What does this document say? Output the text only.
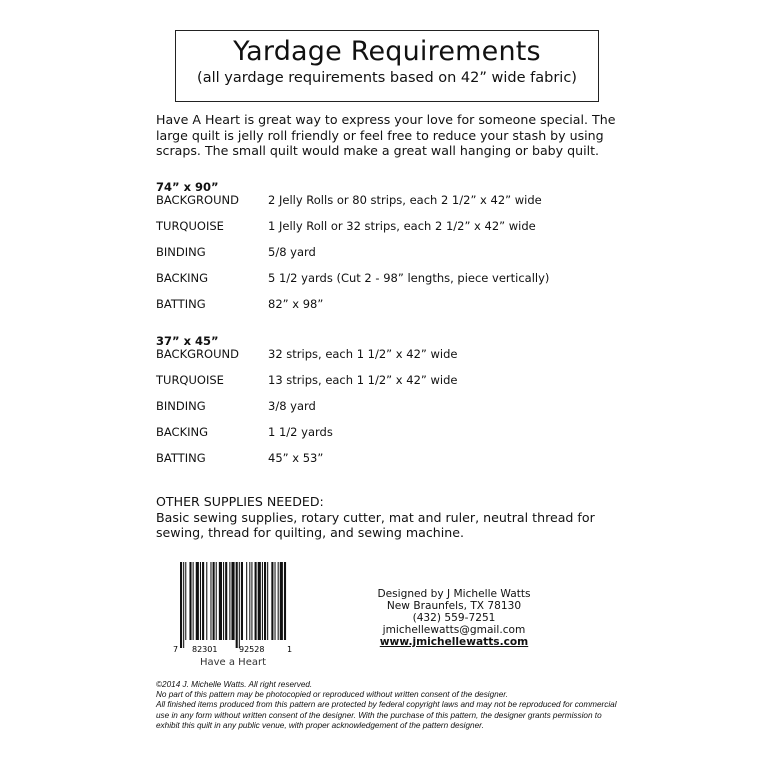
Yardage Requirements
(all yardage requirements based on 42” wide fabric)
Have A Heart is great way to express your love for someone special. The large quilt is jelly roll friendly or feel free to reduce your stash by using scraps. The small quilt would make a great wall hanging or baby quilt.
74” x 90”
BACKGROUND	2 Jelly Rolls or 80 strips, each 2 1/2” x 42” wide
TURQUOISE	1 Jelly Roll or 32 strips, each 2 1/2” x 42” wide
BINDING	5/8 yard
BACKING	5 1/2 yards (Cut 2 - 98” lengths, piece vertically)
BATTING	82” x 98”
37” x 45”
BACKGROUND	32 strips, each 1 1/2” x 42” wide
TURQUOISE	13 strips, each 1 1/2” x 42” wide
BINDING	3/8 yard
BACKING	1 1/2 yards
BATTING	45” x 53”
OTHER SUPPLIES NEEDED:
Basic sewing supplies, rotary cutter, mat and ruler, neutral thread for sewing, thread for quilting, and sewing machine.
7 82301	92528	1
Have a Heart
Designed by J Michelle Watts
New Braunfels, TX 78130
(432) 559-7251
jmichellewatts@gmail.com
www.jmichellewatts.com
©2014 J. Michelle Watts. All right reserved.
No part of this pattern may be photocopied or reproduced without written consent of the designer.
All finished items produced from this pattern are protected by federal copyright laws and may not be reproduced for commercial use in any form without written consent of the designer. With the purchase of this pattern, the designer grants permission to exhibit this quilt in any public venue, with proper acknowledgement of the pattern designer.
